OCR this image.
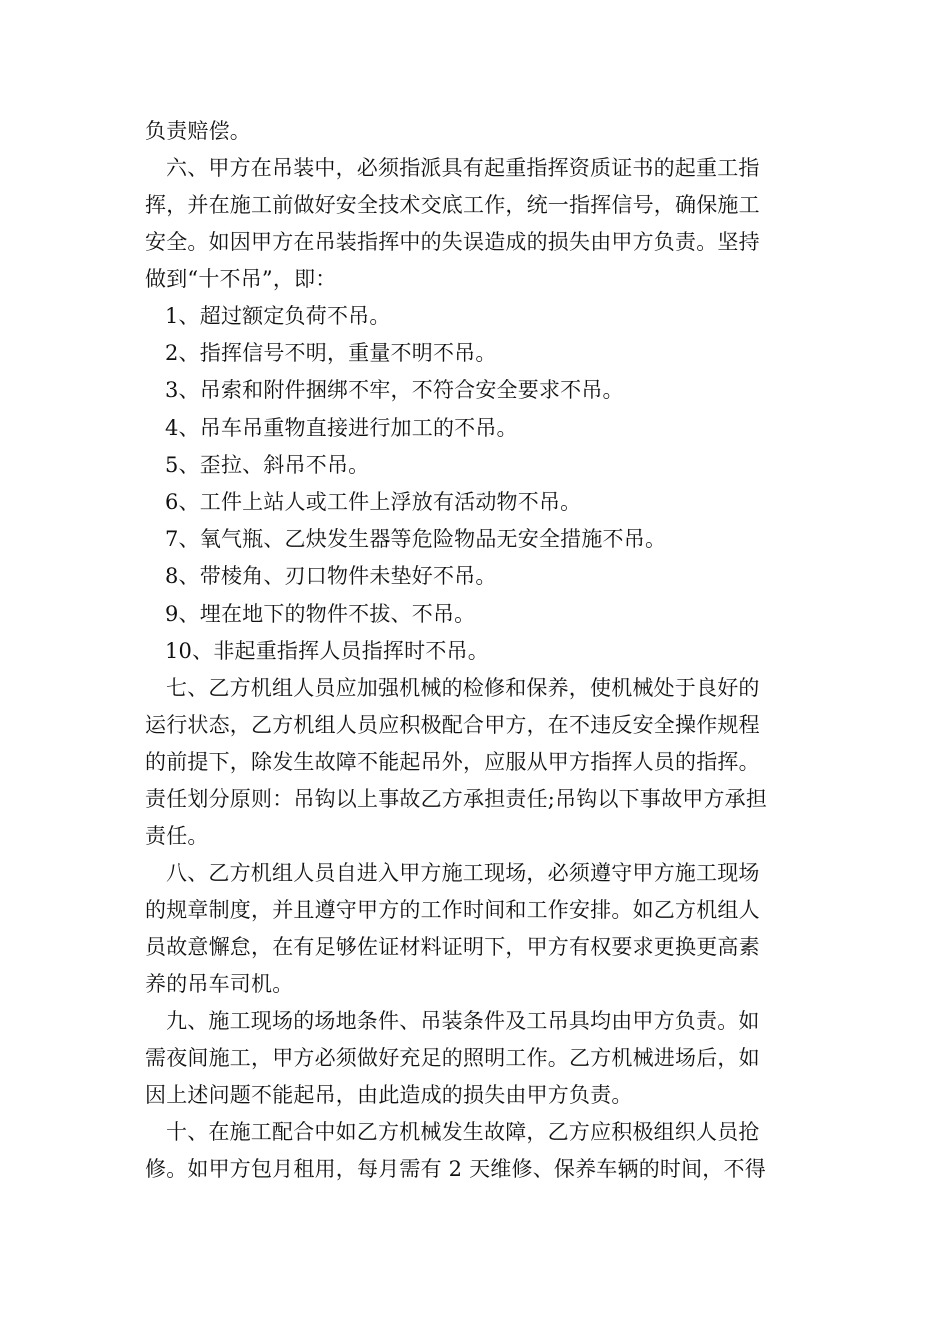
负责赔偿。
六、甲方在吊装中，必须指派具有起重指挥资质证书的起重工指
挥，并在施工前做好安全技术交底工作，统一指挥信号，确保施工
安全。如因甲方在吊装指挥中的失误造成的损失由甲方负责。坚持
做到“十不吊”，即：
1、超过额定负荷不吊。
2、指挥信号不明，重量不明不吊。
3、吊索和附件捆绑不牢，不符合安全要求不吊。
4、吊车吊重物直接进行加工的不吊。
5、歪拉、斜吊不吊。
6、工件上站人或工件上浮放有活动物不吊。
7、氧气瓶、乙炔发生器等危险物品无安全措施不吊。
8、带棱角、刃口物件未垫好不吊。
9、埋在地下的物件不拔、不吊。
10、非起重指挥人员指挥时不吊。
七、乙方机组人员应加强机械的检修和保养，使机械处于良好的
运行状态，乙方机组人员应积极配合甲方，在不违反安全操作规程
的前提下，除发生故障不能起吊外，应服从甲方指挥人员的指挥。
责任划分原则：吊钩以上事故乙方承担责任;吊钩以下事故甲方承担
责任。
八、乙方机组人员自进入甲方施工现场，必须遵守甲方施工现场
的规章制度，并且遵守甲方的工作时间和工作安排。如乙方机组人
员故意懈怠，在有足够佐证材料证明下，甲方有权要求更换更高素
养的吊车司机。
九、施工现场的场地条件、吊装条件及工吊具均由甲方负责。如
需夜间施工，甲方必须做好充足的照明工作。乙方机械进场后，如
因上述问题不能起吊，由此造成的损失由甲方负责。
十、在施工配合中如乙方机械发生故障，乙方应积极组织人员抢
修。如甲方包月租用，每月需有 2 天维修、保养车辆的时间，不得
